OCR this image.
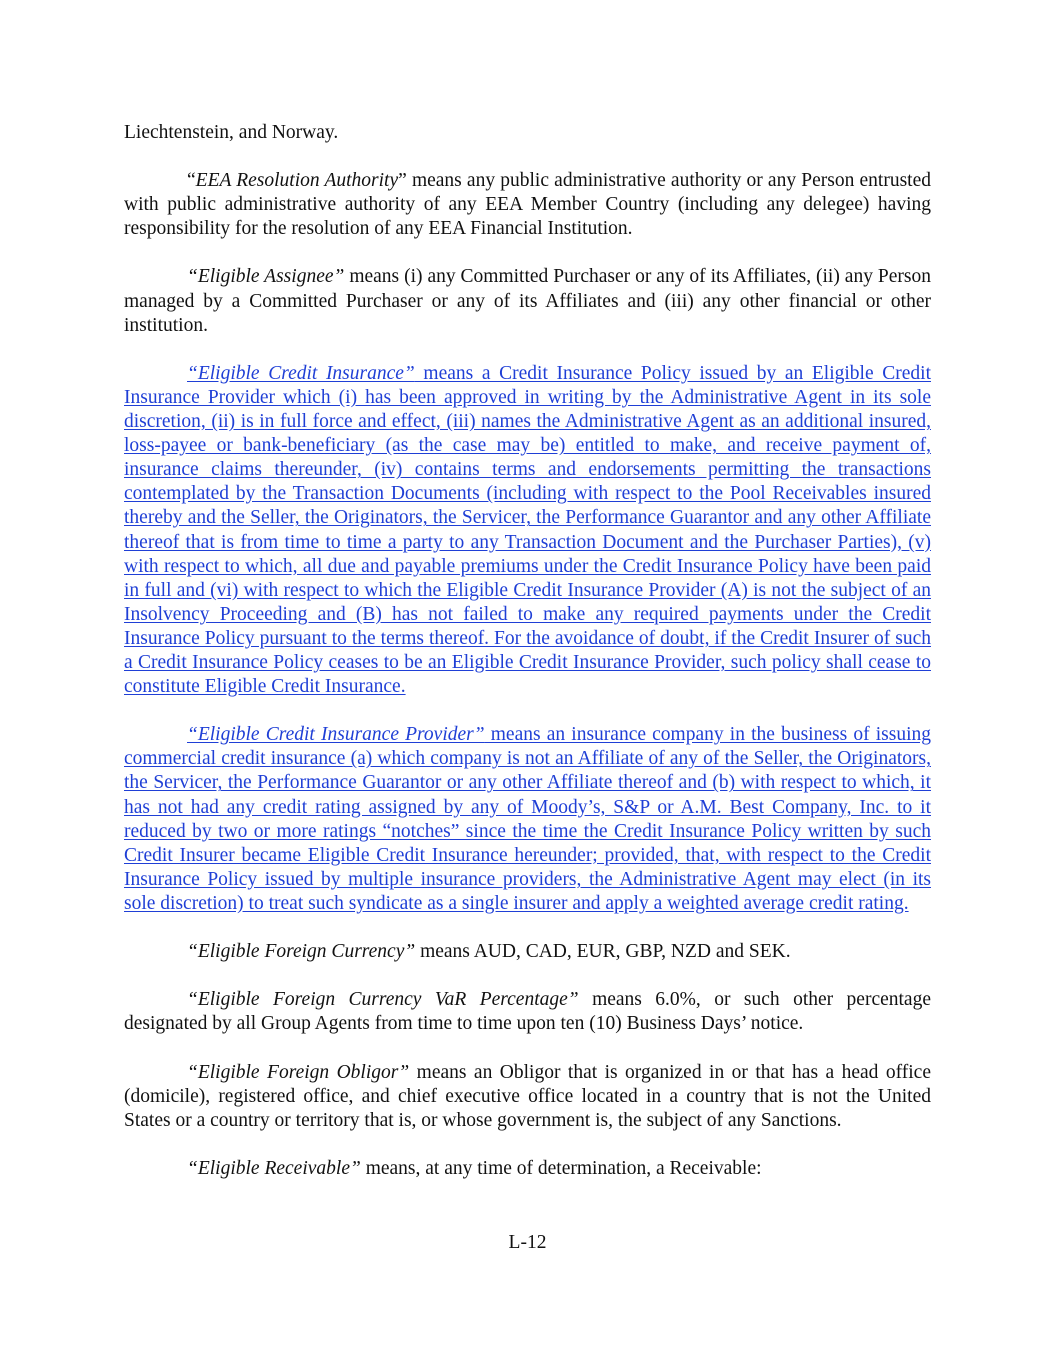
Liechtenstein, and Norway.

“EEA Resolution Authority” means any public administrative authority or any Person entrusted with public administrative authority of any EEA Member Country (including any delegee) having responsibility for the resolution of any EEA Financial Institution.

“Eligible Assignee” means (i) any Committed Purchaser or any of its Affiliates, (ii) any Person managed by a Committed Purchaser or any of its Affiliates and (iii) any other financial or other institution.

“Eligible Credit Insurance” means a Credit Insurance Policy issued by an Eligible Credit Insurance Provider which (i) has been approved in writing by the Administrative Agent in its sole discretion, (ii) is in full force and effect, (iii) names the Administrative Agent as an additional insured, loss-payee or bank-beneficiary (as the case may be) entitled to make, and receive payment of, insurance claims thereunder, (iv) contains terms and endorsements permitting the transactions contemplated by the Transaction Documents (including with respect to the Pool Receivables insured thereby and the Seller, the Originators, the Servicer, the Performance Guarantor and any other Affiliate thereof that is from time to time a party to any Transaction Document and the Purchaser Parties), (v) with respect to which, all due and payable premiums under the Credit Insurance Policy have been paid in full and (vi) with respect to which the Eligible Credit Insurance Provider (A) is not the subject of an Insolvency Proceeding and (B) has not failed to make any required payments under the Credit Insurance Policy pursuant to the terms thereof. For the avoidance of doubt, if the Credit Insurer of such a Credit Insurance Policy ceases to be an Eligible Credit Insurance Provider, such policy shall cease to constitute Eligible Credit Insurance.

“Eligible Credit Insurance Provider” means an insurance company in the business of issuing commercial credit insurance (a) which company is not an Affiliate of any of the Seller, the Originators, the Servicer, the Performance Guarantor or any other Affiliate thereof and (b) with respect to which, it has not had any credit rating assigned by any of Moody’s, S&P or A.M. Best Company, Inc. to it reduced by two or more ratings “notches” since the time the Credit Insurance Policy written by such Credit Insurer became Eligible Credit Insurance hereunder; provided, that, with respect to the Credit Insurance Policy issued by multiple insurance providers, the Administrative Agent may elect (in its sole discretion) to treat such syndicate as a single insurer and apply a weighted average credit rating.

“Eligible Foreign Currency” means AUD, CAD, EUR, GBP, NZD and SEK.

“Eligible Foreign Currency VaR Percentage” means 6.0%, or such other percentage designated by all Group Agents from time to time upon ten (10) Business Days’ notice.

“Eligible Foreign Obligor” means an Obligor that is organized in or that has a head office (domicile), registered office, and chief executive office located in a country that is not the United States or a country or territory that is, or whose government is, the subject of any Sanctions.

“Eligible Receivable” means, at any time of determination, a Receivable:

L-12
